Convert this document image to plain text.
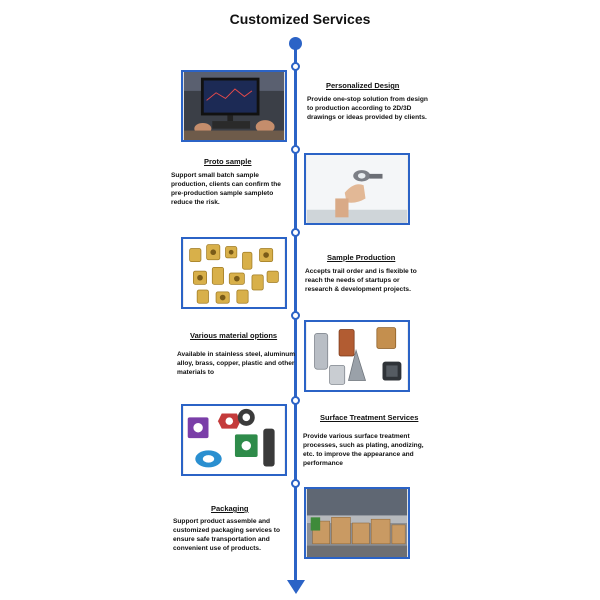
Customized Services
Personalized Design
Provide one-stop solution from design to production according to 2D/3D drawings or ideas provided by clients.
Proto sample
Support small batch sample production, clients can confirm the pre-production sample sampleto reduce the risk.
Sample Production
Accepts trail order and is flexible to reach the needs of startups or research & development projects.
Various material options
Available in stainless steel, aluminum alloy, brass, copper, plastic and other materials to
Surface Treatment Services
Provide various surface treatment processes, such as plating, anodizing, etc. to improve the appearance and performance
Packaging
Support product assemble and customized packaging services to ensure safe transportation and convenient use of products.
